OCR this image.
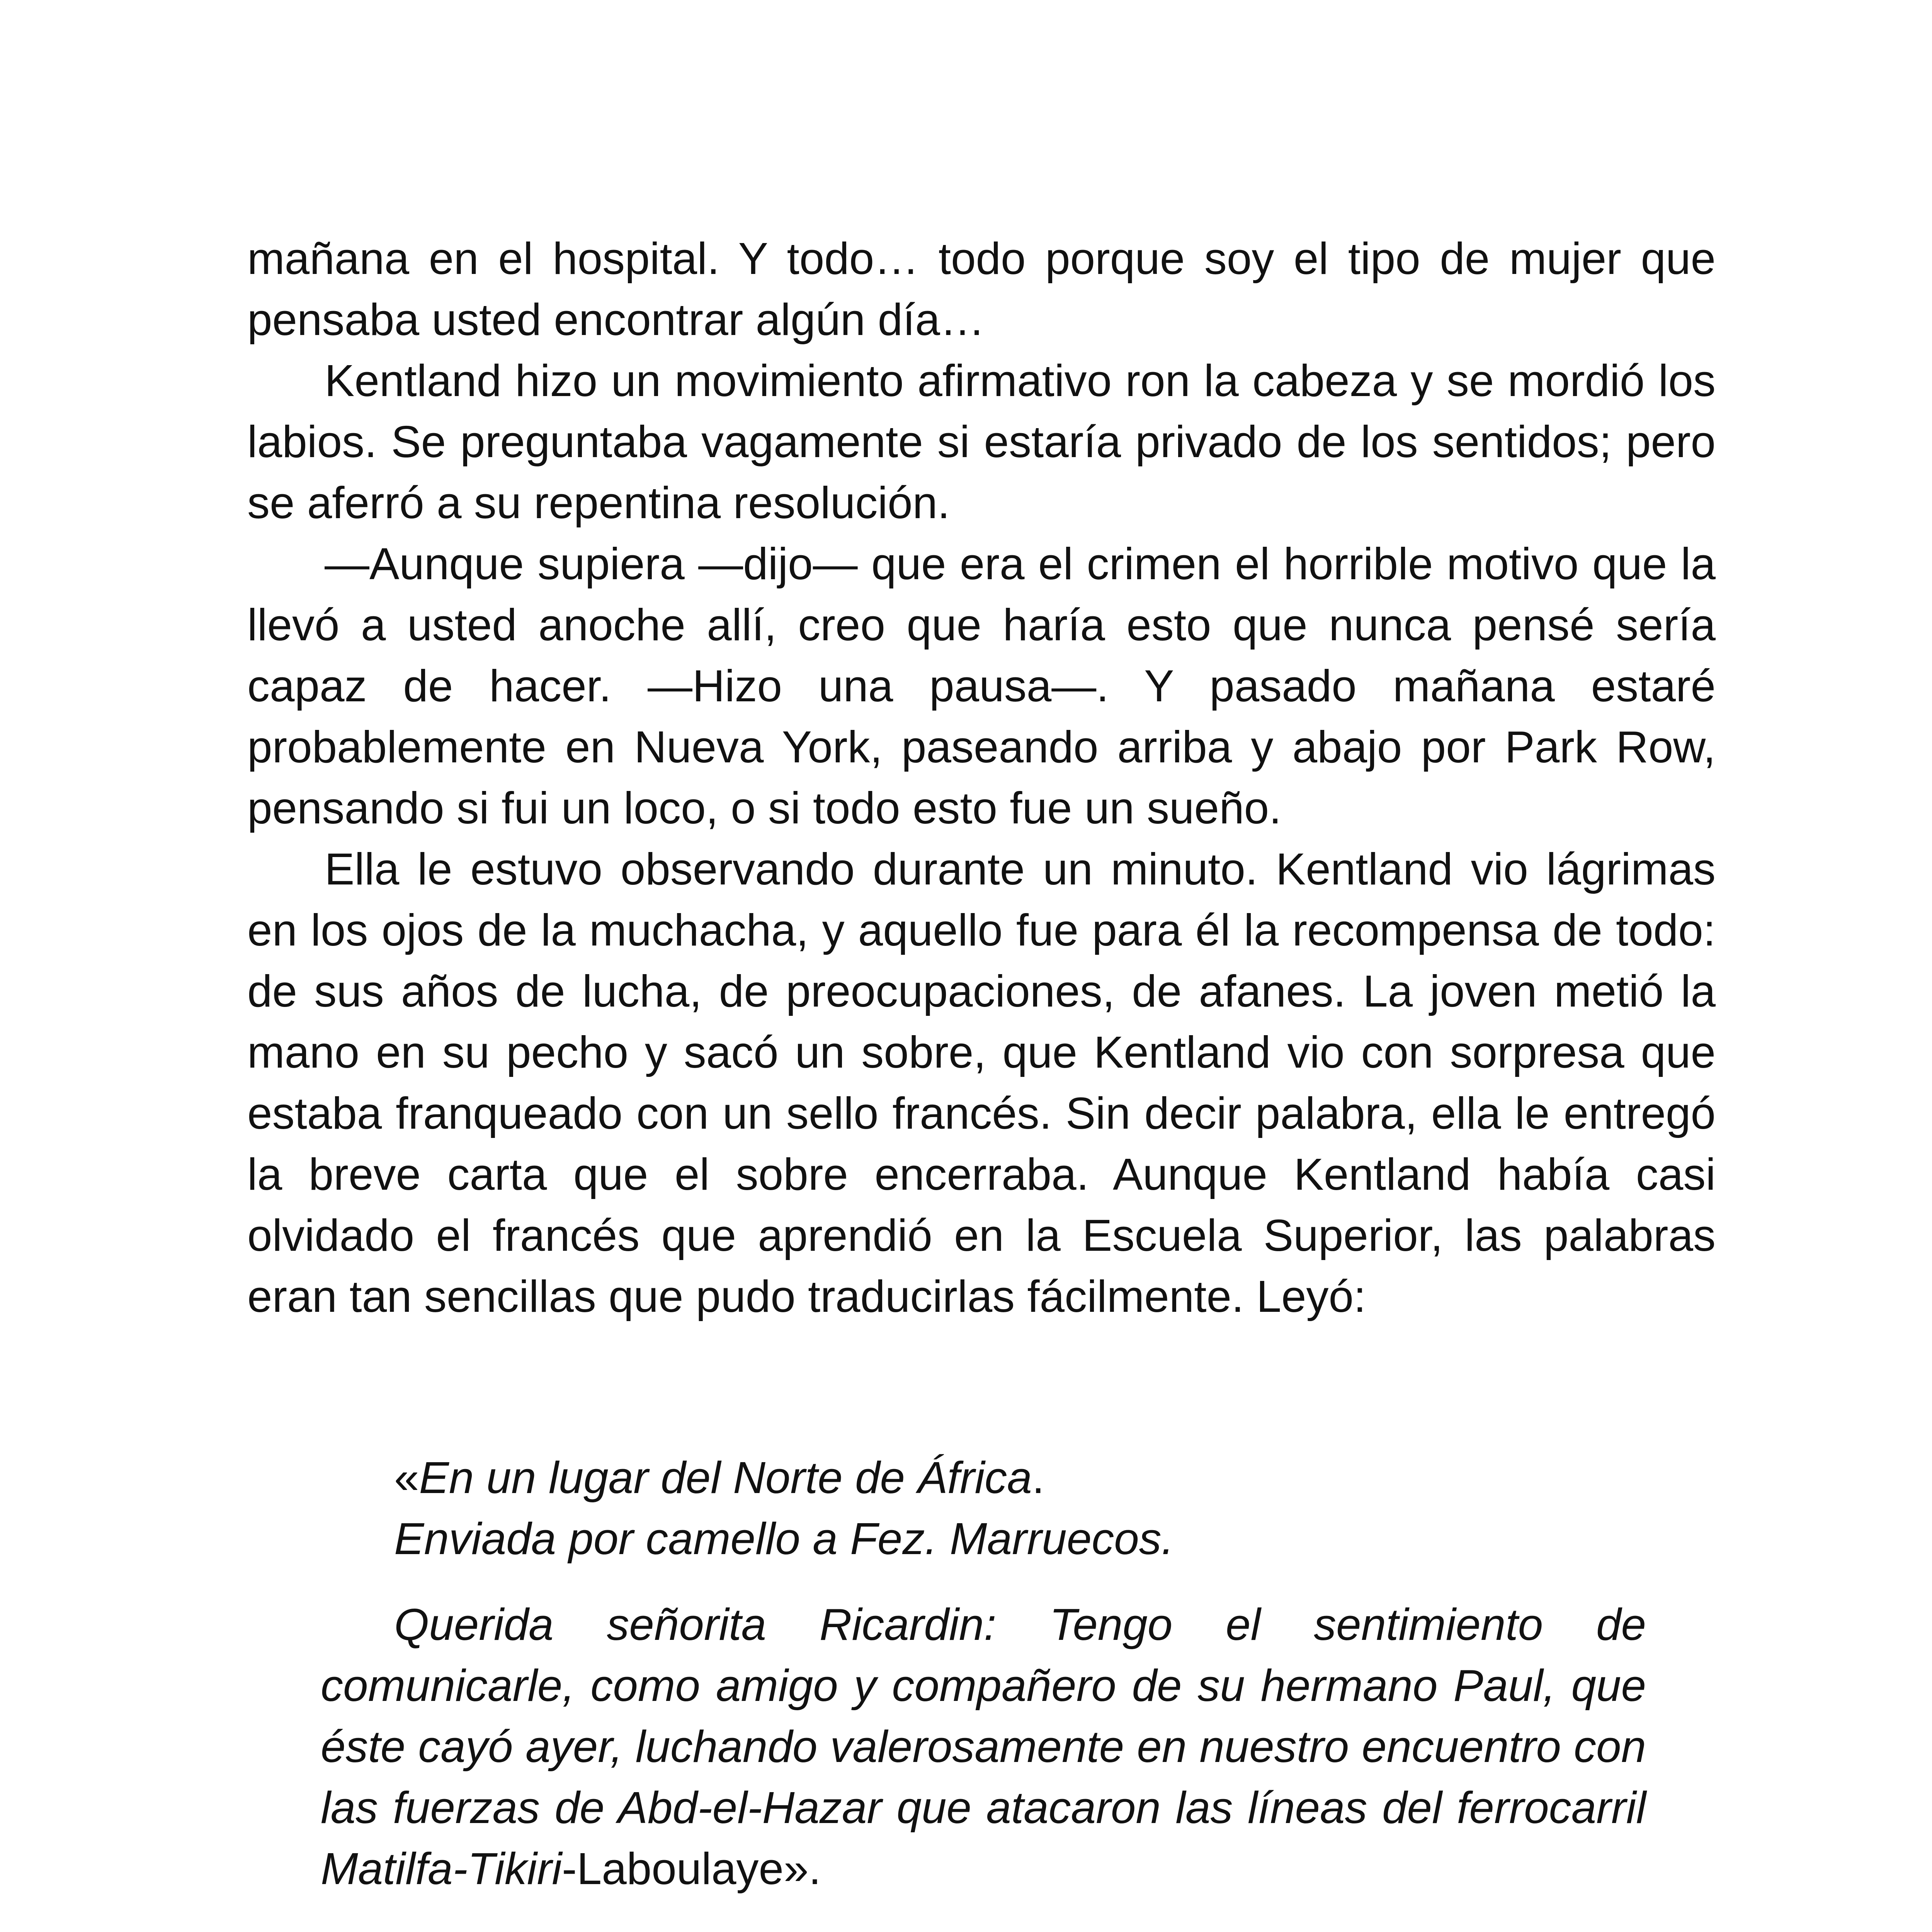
mañana en el hospital. Y todo… todo porque soy el tipo de mujer que pensaba usted encontrar algún día…

Kentland hizo un movimiento afirmativo ron la cabeza y se mordió los labios. Se preguntaba vagamente si estaría privado de los sentidos; pero se aferró a su repentina resolución.

—Aunque supiera —dijo— que era el crimen el horrible motivo que la llevó a usted anoche allí, creo que haría esto que nunca pensé sería capaz de hacer. —Hizo una pausa—. Y pasado mañana estaré probablemente en Nueva York, paseando arriba y abajo por Park Row, pensando si fui un loco, o si todo esto fue un sueño.

Ella le estuvo observando durante un minuto. Kentland vio lágrimas en los ojos de la muchacha, y aquello fue para él la recompensa de todo: de sus años de lucha, de preocupaciones, de afanes. La joven metió la mano en su pecho y sacó un sobre, que Kentland vio con sorpresa que estaba franqueado con un sello francés. Sin decir palabra, ella le entregó la breve carta que el sobre encerraba. Aunque Kentland había casi olvidado el francés que aprendió en la Escuela Superior, las palabras eran tan sencillas que pudo traducirlas fácilmente. Leyó:

«En un lugar del Norte de África.
Enviada por camello a Fez. Marruecos.

Querida señorita Ricardin: Tengo el sentimiento de comunicarle, como amigo y compañero de su hermano Paul, que éste cayó ayer, luchando valerosamente en nuestro encuentro con las fuerzas de Abd-el-Hazar que atacaron las líneas del ferrocarril Matilfa-Tikiri-Laboulaye».
